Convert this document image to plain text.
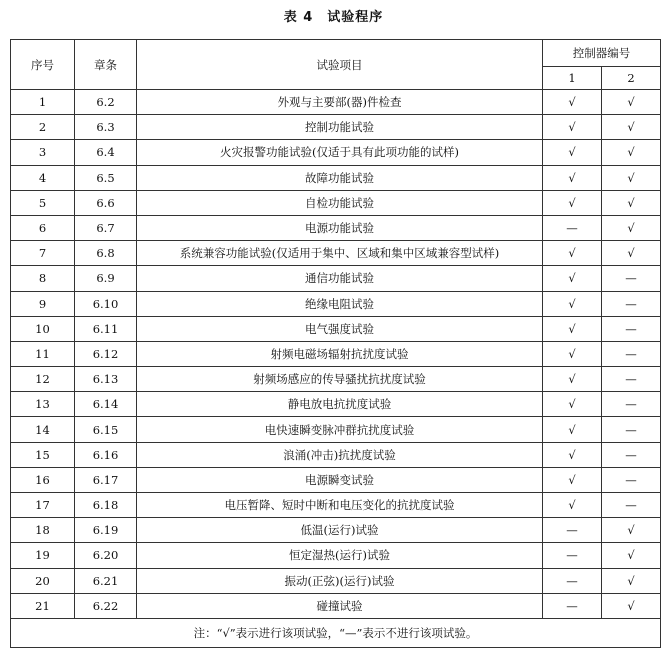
表 4　试验程序
序号	章条	试验项目	控制器编号	
			1	2
1	6.2	外观与主要部(器)件检查	√	√
2	6.3	控制功能试验	√	√
3	6.4	火灾报警功能试验(仅适于具有此项功能的试样)	√	√
4	6.5	故障功能试验	√	√
5	6.6	自检功能试验	√	√
6	6.7	电源功能试验	—	√
7	6.8	系统兼容功能试验(仅适用于集中、区域和集中区域兼容型试样)	√	√
8	6.9	通信功能试验	√	—
9	6.10	绝缘电阻试验	√	—
10	6.11	电气强度试验	√	—
11	6.12	射频电磁场辐射抗扰度试验	√	—
12	6.13	射频场感应的传导骚扰抗扰度试验	√	—
13	6.14	静电放电抗扰度试验	√	—
14	6.15	电快速瞬变脉冲群抗扰度试验	√	—
15	6.16	浪涌(冲击)抗扰度试验	√	—
16	6.17	电源瞬变试验	√	—
17	6.18	电压暂降、短时中断和电压变化的抗扰度试验	√	—
18	6.19	低温(运行)试验	—	√
19	6.20	恒定湿热(运行)试验	—	√
20	6.21	振动(正弦)(运行)试验	—	√
21	6.22	碰撞试验	—	√
注：“√”表示进行该项试验，“—”表示不进行该项试验。				
